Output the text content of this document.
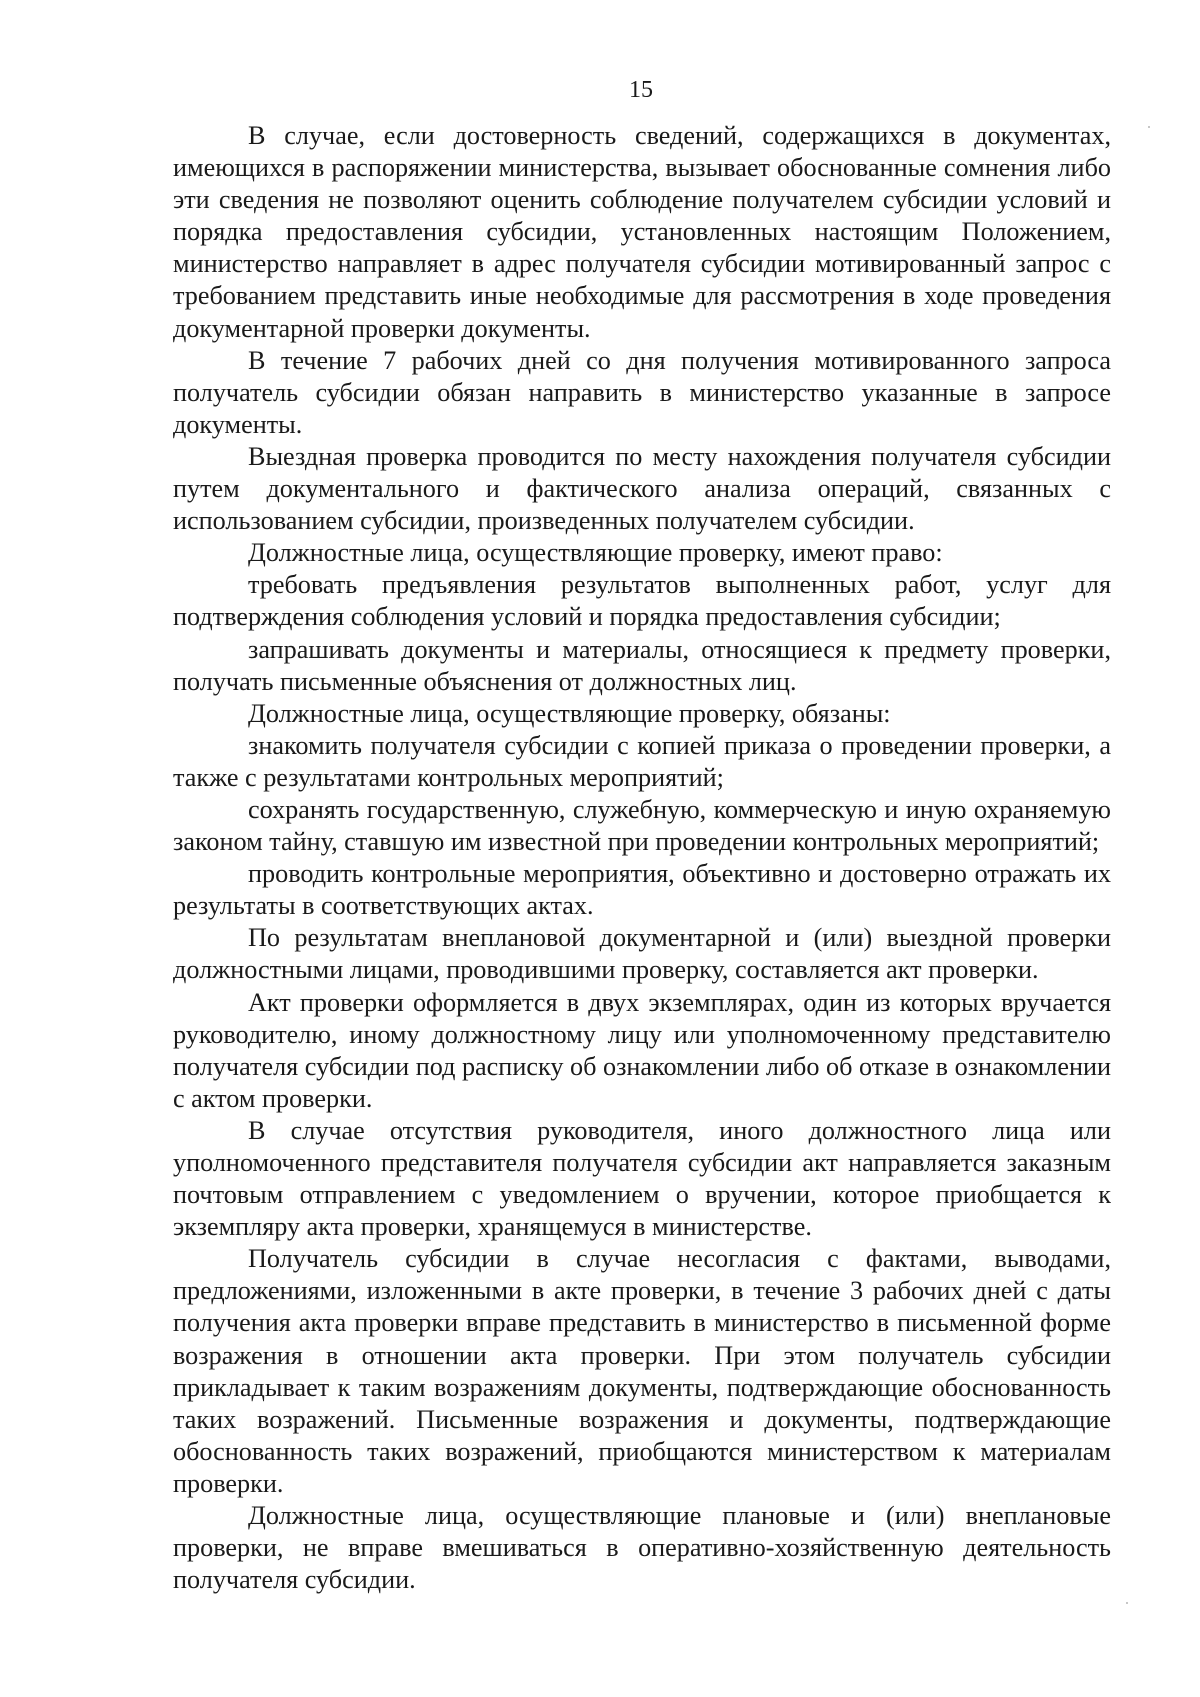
15

В случае, если достоверность сведений, содержащихся в документах, имеющихся в распоряжении министерства, вызывает обоснованные сомнения либо эти сведения не позволяют оценить соблюдение получателем субсидии условий и порядка предоставления субсидии, установленных настоящим Положением, министерство направляет в адрес получателя субсидии мотивированный запрос с требованием представить иные необходимые для рассмотрения в ходе проведения документарной проверки документы.

В течение 7 рабочих дней со дня получения мотивированного запроса получатель субсидии обязан направить в министерство указанные в запросе документы.

Выездная проверка проводится по месту нахождения получателя субсидии путем документального и фактического анализа операций, связанных с использованием субсидии, произведенных получателем субсидии.

Должностные лица, осуществляющие проверку, имеют право:

требовать предъявления результатов выполненных работ, услуг для подтверждения соблюдения условий и порядка предоставления субсидии;

запрашивать документы и материалы, относящиеся к предмету проверки, получать письменные объяснения от должностных лиц.

Должностные лица, осуществляющие проверку, обязаны:

знакомить получателя субсидии с копией приказа о проведении проверки, а также с результатами контрольных мероприятий;

сохранять государственную, служебную, коммерческую и иную охраняемую законом тайну, ставшую им известной при проведении контрольных мероприятий;

проводить контрольные мероприятия, объективно и достоверно отражать их результаты в соответствующих актах.

По результатам внеплановой документарной и (или) выездной проверки должностными лицами, проводившими проверку, составляется акт проверки.

Акт проверки оформляется в двух экземплярах, один из которых вручается руководителю, иному должностному лицу или уполномоченному представителю получателя субсидии под расписку об ознакомлении либо об отказе в ознакомлении с актом проверки.

В случае отсутствия руководителя, иного должностного лица или уполномоченного представителя получателя субсидии акт направляется заказным почтовым отправлением с уведомлением о вручении, которое приобщается к экземпляру акта проверки, хранящемуся в министерстве.

Получатель субсидии в случае несогласия с фактами, выводами, предложениями, изложенными в акте проверки, в течение 3 рабочих дней с даты получения акта проверки вправе представить в министерство в письменной форме возражения в отношении акта проверки. При этом получатель субсидии прикладывает к таким возражениям документы, подтверждающие обоснованность таких возражений. Письменные возражения и документы, подтверждающие обоснованность таких возражений, приобщаются министерством к материалам проверки.

Должностные лица, осуществляющие плановые и (или) внеплановые проверки, не вправе вмешиваться в оперативно-хозяйственную деятельность получателя субсидии.
